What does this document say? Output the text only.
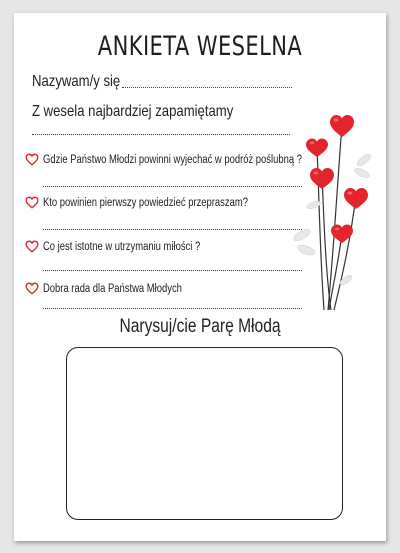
ANKIETA WESELNA
Nazywam/y się
Z wesela najbardziej zapamiętamy
Gdzie Państwo Młodzi powinni wyjechać w podróż poślubną ?
Kto powinien pierwszy powiedzieć przepraszam?
Co jest istotne w utrzymaniu miłości ?
Dobra rada dla Państwa Młodych
Narysuj/cie Parę Młodą
